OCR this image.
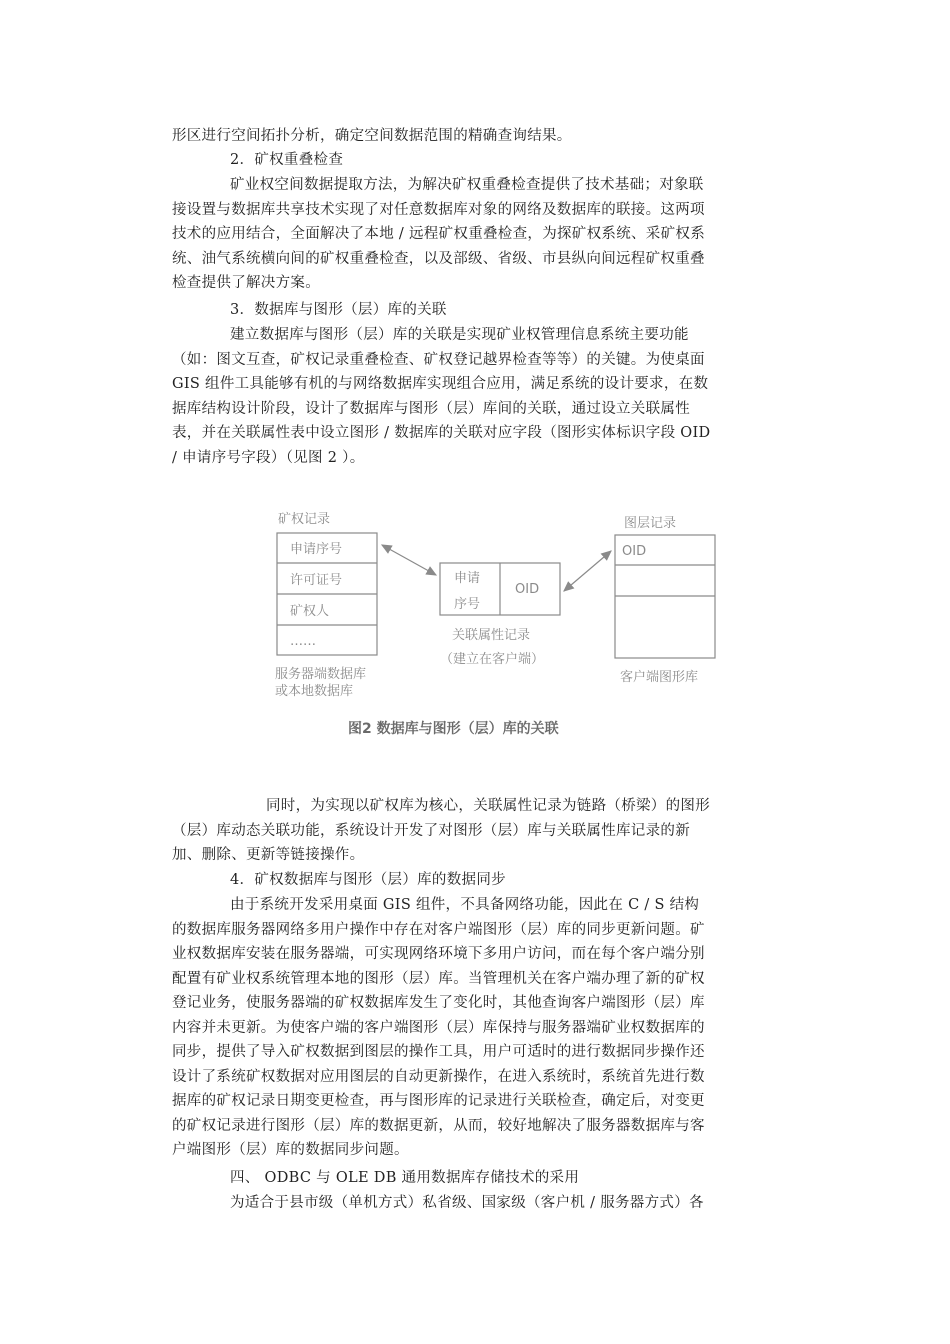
形区进行空间拓扑分析，确定空间数据范围的精确查询结果。
2．矿权重叠检查
矿业权空间数据提取方法，为解决矿权重叠检查提供了技术基础；对象联
接设置与数据库共享技术实现了对任意数据库对象的网络及数据库的联接。这两项
技术的应用结合，全面解决了本地 / 远程矿权重叠检查，为探矿权系统、采矿权系
统、油气系统横向间的矿权重叠检查，以及部级、省级、市县纵向间远程矿权重叠
检查提供了解决方案。
3．数据库与图形（层）库的关联
建立数据库与图形（层）库的关联是实现矿业权管理信息系统主要功能
（如：图文互查，矿权记录重叠检查、矿权登记越界检查等等）的关键。为使桌面
GIS 组件工具能够有机的与网络数据库实现组合应用，满足系统的设计要求，在数
据库结构设计阶段，设计了数据库与图形（层）库间的关联，通过设立关联属性
表，并在关联属性表中设立图形 / 数据库的关联对应字段（图形实体标识字段 OID
/ 申请序号字段）（见图 2 ）。
矿权记录
申请序号
许可证号
矿权人
……
服务器端数据库
或本地数据库
申请
序号
OID
关联属性记录
（建立在客户端）
图层记录
OID
客户端图形库
图2 数据库与图形（层）库的关联
同时，为实现以矿权库为核心，关联属性记录为链路（桥梁）的图形
（层）库动态关联功能，系统设计开发了对图形（层）库与关联属性库记录的新
加、删除、更新等链接操作。
4．矿权数据库与图形（层）库的数据同步
由于系统开发采用桌面 GIS 组件，不具备网络功能，因此在 C / S 结构
的数据库服务器网络多用户操作中存在对客户端图形（层）库的同步更新问题。矿
业权数据库安装在服务器端，可实现网络环境下多用户访问，而在每个客户端分别
配置有矿业权系统管理本地的图形（层）库。当管理机关在客户端办理了新的矿权
登记业务，使服务器端的矿权数据库发生了变化时，其他查询客户端图形（层）库
内容并未更新。为使客户端的客户端图形（层）库保持与服务器端矿业权数据库的
同步，提供了导入矿权数据到图层的操作工具，用户可适时的进行数据同步操作还
设计了系统矿权数据对应用图层的自动更新操作，在进入系统时，系统首先进行数
据库的矿权记录日期变更检查，再与图形库的记录进行关联检查，确定后，对变更
的矿权记录进行图形（层）库的数据更新，从而，较好地解决了服务器数据库与客
户端图形（层）库的数据同步问题。
四、 ODBC 与 OLE DB 通用数据库存储技术的采用
为适合于县市级（单机方式）私省级、国家级（客户机 / 服务器方式）各
